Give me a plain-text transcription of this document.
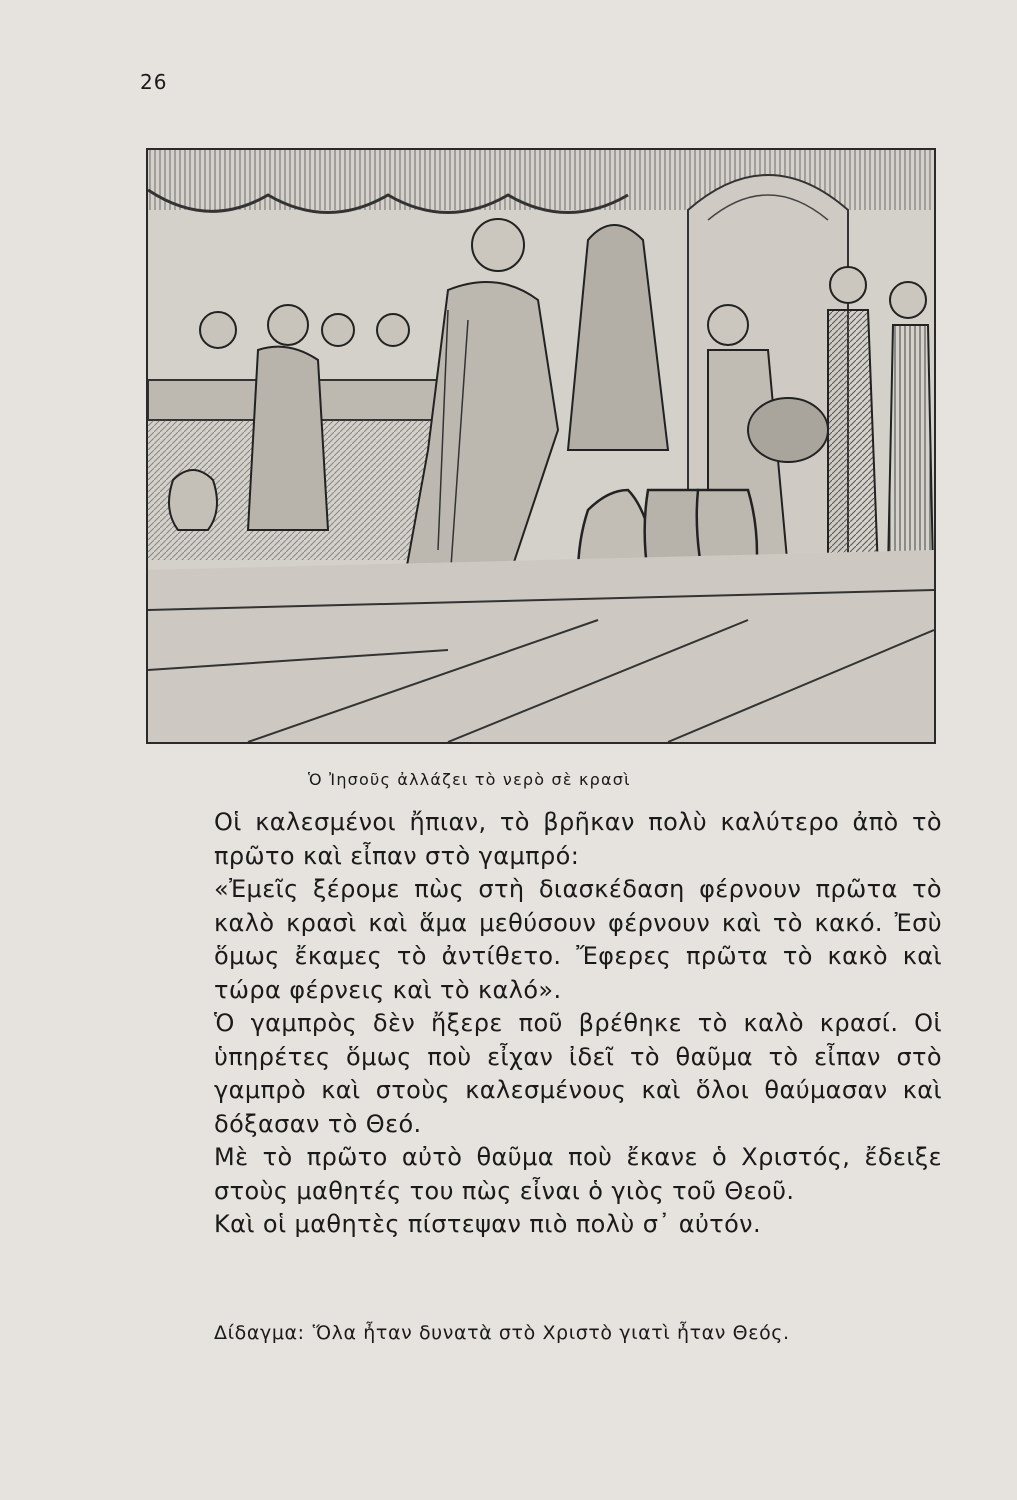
26
Ὁ Ἰησοῦς ἀλλάζει τὸ νερὸ σὲ κρασὶ

Οἱ καλεσμένοι ἤπιαν, τὸ βρῆκαν πολὺ καλύτερο ἀπὸ τὸ πρῶτο καὶ εἶπαν στὸ γαμπρό:

«Ἐμεῖς ξέρομε πὼς στὴ διασκέδαση φέρνουν πρῶτα τὸ καλὸ κρασὶ καὶ ἅμα μεθύσουν φέρνουν καὶ τὸ κακό. Ἐσὺ ὅμως ἔκαμες τὸ ἀντίθετο. Ἔφερες πρῶτα τὸ κακὸ καὶ τώρα φέρνεις καὶ τὸ καλό».

Ὁ γαμπρὸς δὲν ἤξερε ποῦ βρέθηκε τὸ καλὸ κρασί. Οἱ ὑπηρέτες ὅμως ποὺ εἶχαν ἰδεῖ τὸ θαῦμα τὸ εἶπαν στὸ γαμπρὸ καὶ στοὺς καλεσμένους καὶ ὅλοι θαύμασαν καὶ δόξασαν τὸ Θεό.

Μὲ τὸ πρῶτο αὐτὸ θαῦμα ποὺ ἔκανε ὁ Χριστός, ἔδειξε στοὺς μαθητές του πὼς εἶναι ὁ γιὸς τοῦ Θεοῦ.

Καὶ οἱ μαθητὲς πίστεψαν πιὸ πολὺ σ᾿ αὐτόν.

Δίδαγμα: Ὅλα ἦταν δυνατὰ στὸ Χριστὸ γιατὶ ἦταν Θεός.
